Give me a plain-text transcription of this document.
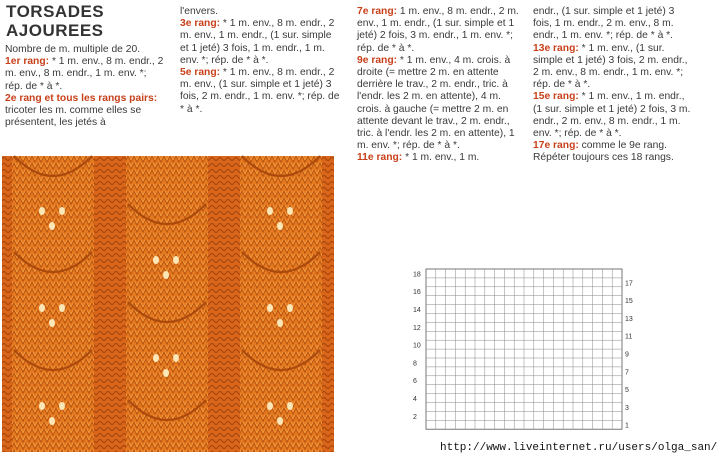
TORSADES
AJOUREES

Nombre de m. multiple de 20.

1er rang: * 1 m. env., 8 m. endr., 2 m. env., 8 m. endr., 1 m. env. *; rép. de * à *.

2e rang et tous les rangs pairs: tricoter les m. comme elles se présentent, les jetés à

l'envers.

3e rang: * 1 m. env., 8 m. endr., 2 m. env., 1 m. endr., (1 sur. simple et 1 jeté) 3 fois, 1 m. endr., 1 m. env. *; rép. de * à *.

5e rang: * 1 m. env., 8 m. endr., 2 m. env., (1 sur. simple et 1 jeté) 3 fois, 2 m. endr., 1 m. env. *; rép. de * à *.

7e rang: 1 m. env., 8 m. endr., 2 m. env., 1 m. endr., (1 sur. simple et 1 jeté) 2 fois, 3 m. endr., 1 m. env. *; rép. de * à *.

9e rang: * 1 m. env., 4 m. crois. à droite (= mettre 2 m. en attente derrière le trav., 2 m. endr., tric. à l'endr. les 2 m. en attente), 4 m. crois. à gauche (= mettre 2 m. en attente devant le trav., 2 m. endr., tric. à l'endr. les 2 m. en attente), 1 m. env. *; rép. de * à *.

11e rang: * 1 m. env., 1 m.

endr., (1 sur. simple et 1 jeté) 3 fois, 1 m. endr., 2 m. env., 8 m. endr., 1 m. env. *; rép. de * à *.

13e rang: * 1 m. env., (1 sur. simple et 1 jeté) 3 fois, 2 m. endr., 2 m. env., 8 m. endr., 1 m. env. *; rép. de * à *.

15e rang: * 1 m. env., 1 m. endr., (1 sur. simple et 1 jeté) 2 fois, 3 m. endr., 2 m. env., 8 m. endr., 1 m. env. *; rép. de * à *.

17e rang: comme le 9e rang. Répéter toujours ces 18 rangs.

18
16
14
12
10
8
6
4
2
17
15
13
11
9
7
5
3
1
http://www.liveinternet.ru/users/olga_san/
